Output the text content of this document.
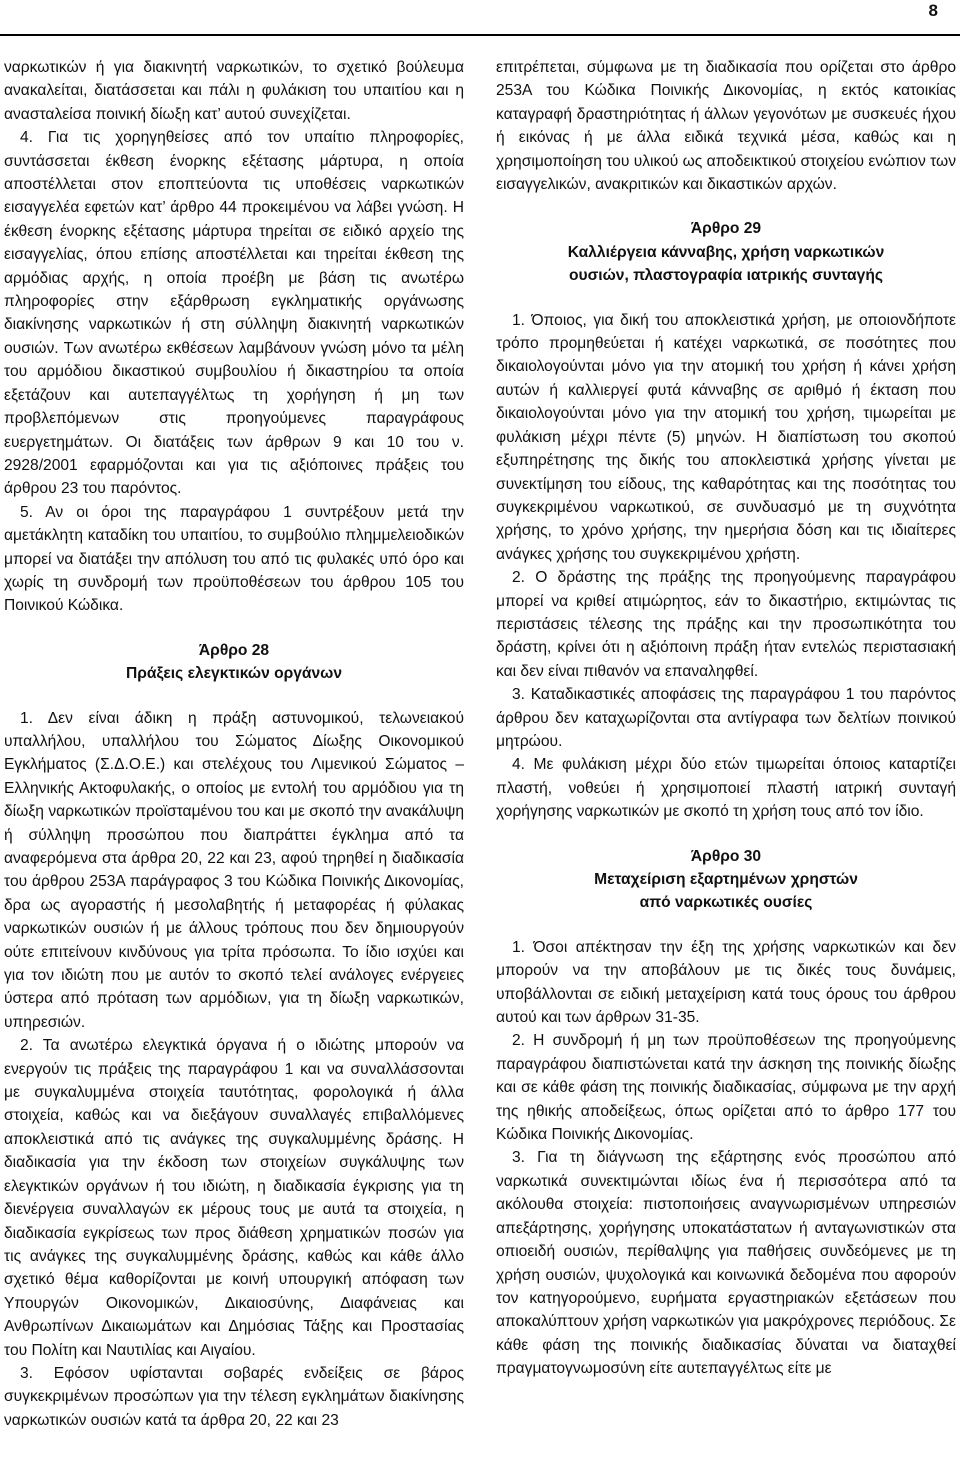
8

ναρκωτικών ή για διακινητή ναρκωτικών, το σχετικό βούλευμα ανακαλείται, διατάσσεται και πάλι η φυλάκιση του υπαιτίου και η ανασταλείσα ποινική δίωξη κατ’ αυτού συνεχίζεται.

4. Για τις χορηγηθείσες από τον υπαίτιο πληροφορίες, συντάσσεται έκθεση ένορκης εξέτασης μάρτυρα, η οποία αποστέλλεται στον εποπτεύοντα τις υποθέσεις ναρκωτικών εισαγγελέα εφετών κατ’ άρθρο 44 προκειμένου να λάβει γνώση. Η έκθεση ένορκης εξέτασης μάρτυρα τηρείται σε ειδικό αρχείο της εισαγγελίας, όπου επίσης αποστέλλεται και τηρείται έκθεση της αρμόδιας αρχής, η οποία προέβη με βάση τις ανωτέρω πληροφορίες στην εξάρθρωση εγκληματικής οργάνωσης διακίνησης ναρκωτικών ή στη σύλληψη διακινητή ναρκωτικών ουσιών. Των ανωτέρω εκθέσεων λαμβάνουν γνώση μόνο τα μέλη του αρμόδιου δικαστικού συμβουλίου ή δικαστηρίου τα οποία εξετάζουν και αυτεπαγγέλτως τη χορήγηση ή μη των προβλεπόμενων στις προηγούμενες παραγράφους ευεργετημάτων. Οι διατάξεις των άρθρων 9 και 10 του ν. 2928/2001 εφαρμόζονται και για τις αξιόποινες πράξεις του άρθρου 23 του παρόντος.

5. Αν οι όροι της παραγράφου 1 συντρέξουν μετά την αμετάκλητη καταδίκη του υπαιτίου, το συμβούλιο πλημμελειοδικών μπορεί να διατάξει την απόλυση του από τις φυλακές υπό όρο και χωρίς τη συνδρομή των προϋποθέσεων του άρθρου 105 του Ποινικού Κώδικα.

Άρθρο 28
Πράξεις ελεγκτικών οργάνων

1. Δεν είναι άδικη η πράξη αστυνομικού, τελωνειακού υπαλλήλου, υπαλλήλου του Σώματος Δίωξης Οικονομικού Εγκλήματος (Σ.Δ.Ο.Ε.) και στελέχους του Λιμενικού Σώματος – Ελληνικής Ακτοφυλακής, ο οποίος με εντολή του αρμόδιου για τη δίωξη ναρκωτικών προϊσταμένου του και με σκοπό την ανακάλυψη ή σύλληψη προσώπου που διαπράττει έγκλημα από τα αναφερόμενα στα άρθρα 20, 22 και 23, αφού τηρηθεί η διαδικασία του άρθρου 253Α παράγραφος 3 του Κώδικα Ποινικής Δικονομίας, δρα ως αγοραστής ή μεσολαβητής ή μεταφορέας ή φύλακας ναρκωτικών ουσιών ή με άλλους τρόπους που δεν δημιουργούν ούτε επιτείνουν κινδύνους για τρίτα πρόσωπα. Το ίδιο ισχύει και για τον ιδιώτη που με αυτόν το σκοπό τελεί ανάλογες ενέργειες ύστερα από πρόταση των αρμόδιων, για τη δίωξη ναρκωτικών, υπηρεσιών.

2. Τα ανωτέρω ελεγκτικά όργανα ή ο ιδιώτης μπορούν να ενεργούν τις πράξεις της παραγράφου 1 και να συναλλάσσονται με συγκαλυμμένα στοιχεία ταυτότητας, φορολογικά ή άλλα στοιχεία, καθώς και να διεξάγουν συναλλαγές επιβαλλόμενες αποκλειστικά από τις ανάγκες της συγκαλυμμένης δράσης. Η διαδικασία για την έκδοση των στοιχείων συγκάλυψης των ελεγκτικών οργάνων ή του ιδιώτη, η διαδικασία έγκρισης για τη διενέργεια συναλλαγών εκ μέρους τους με αυτά τα στοιχεία, η διαδικασία εγκρίσεως των προς διάθεση χρηματικών ποσών για τις ανάγκες της συγκαλυμμένης δράσης, καθώς και κάθε άλλο σχετικό θέμα καθορίζονται με κοινή υπουργική απόφαση των Υπουργών Οικονομικών, Δικαιοσύνης, Διαφάνειας και Ανθρωπίνων Δικαιωμάτων και Δημόσιας Τάξης και Προστασίας του Πολίτη και Ναυτιλίας και Αιγαίου.

3. Εφόσον υφίστανται σοβαρές ενδείξεις σε βάρος συγκεκριμένων προσώπων για την τέλεση εγκλημάτων διακίνησης ναρκωτικών ουσιών κατά τα άρθρα 20, 22 και 23

επιτρέπεται, σύμφωνα με τη διαδικασία που ορίζεται στο άρθρο 253Α του Κώδικα Ποινικής Δικονομίας, η εκτός κατοικίας καταγραφή δραστηριότητας ή άλλων γεγονότων με συσκευές ήχου ή εικόνας ή με άλλα ειδικά τεχνικά μέσα, καθώς και η χρησιμοποίηση του υλικού ως αποδεικτικού στοιχείου ενώπιον των εισαγγελικών, ανακριτικών και δικαστικών αρχών.

Άρθρο 29
Καλλιέργεια κάνναβης, χρήση ναρκωτικών
ουσιών, πλαστογραφία ιατρικής συνταγής

1. Όποιος, για δική του αποκλειστικά χρήση, με οποιονδήποτε τρόπο προμηθεύεται ή κατέχει ναρκωτικά, σε ποσότητες που δικαιολογούνται μόνο για την ατομική του χρήση ή κάνει χρήση αυτών ή καλλιεργεί φυτά κάνναβης σε αριθμό ή έκταση που δικαιολογούνται μόνο για την ατομική του χρήση, τιμωρείται με φυλάκιση μέχρι πέντε (5) μηνών. Η διαπίστωση του σκοπού εξυπηρέτησης της δικής του αποκλειστικά χρήσης γίνεται με συνεκτίμηση του είδους, της καθαρότητας και της ποσότητας του συγκεκριμένου ναρκωτικού, σε συνδυασμό με τη συχνότητα χρήσης, το χρόνο χρήσης, την ημερήσια δόση και τις ιδιαίτερες ανάγκες χρήσης του συγκεκριμένου χρήστη.

2. Ο δράστης της πράξης της προηγούμενης παραγράφου μπορεί να κριθεί ατιμώρητος, εάν το δικαστήριο, εκτιμώντας τις περιστάσεις τέλεσης της πράξης και την προσωπικότητα του δράστη, κρίνει ότι η αξιόποινη πράξη ήταν εντελώς περιστασιακή και δεν είναι πιθανόν να επαναληφθεί.

3. Καταδικαστικές αποφάσεις της παραγράφου 1 του παρόντος άρθρου δεν καταχωρίζονται στα αντίγραφα των δελτίων ποινικού μητρώου.

4. Με φυλάκιση μέχρι δύο ετών τιμωρείται όποιος καταρτίζει πλαστή, νοθεύει ή χρησιμοποιεί πλαστή ιατρική συνταγή χορήγησης ναρκωτικών με σκοπό τη χρήση τους από τον ίδιο.

Άρθρο 30
Μεταχείριση εξαρτημένων χρηστών
από ναρκωτικές ουσίες

1. Όσοι απέκτησαν την έξη της χρήσης ναρκωτικών και δεν μπορούν να την αποβάλουν με τις δικές τους δυνάμεις, υποβάλλονται σε ειδική μεταχείριση κατά τους όρους του άρθρου αυτού και των άρθρων 31-35.

2. Η συνδρομή ή μη των προϋποθέσεων της προηγούμενης παραγράφου διαπιστώνεται κατά την άσκηση της ποινικής δίωξης και σε κάθε φάση της ποινικής διαδικασίας, σύμφωνα με την αρχή της ηθικής αποδείξεως, όπως ορίζεται από το άρθρο 177 του Κώδικα Ποινικής Δικονομίας.

3. Για τη διάγνωση της εξάρτησης ενός προσώπου από ναρκωτικά συνεκτιμώνται ιδίως ένα ή περισσότερα από τα ακόλουθα στοιχεία: πιστοποιήσεις αναγνωρισμένων υπηρεσιών απεξάρτησης, χορήγησης υποκατάστατων ή ανταγωνιστικών στα οπιοειδή ουσιών, περίθαλψης για παθήσεις συνδεόμενες με τη χρήση ουσιών, ψυχολογικά και κοινωνικά δεδομένα που αφορούν τον κατηγορούμενο, ευρήματα εργαστηριακών εξετάσεων που αποκαλύπτουν χρήση ναρκωτικών για μακρόχρονες περιόδους. Σε κάθε φάση της ποινικής διαδικασίας δύναται να διαταχθεί πραγματογνωμοσύνη είτε αυτεπαγγέλτως είτε με
